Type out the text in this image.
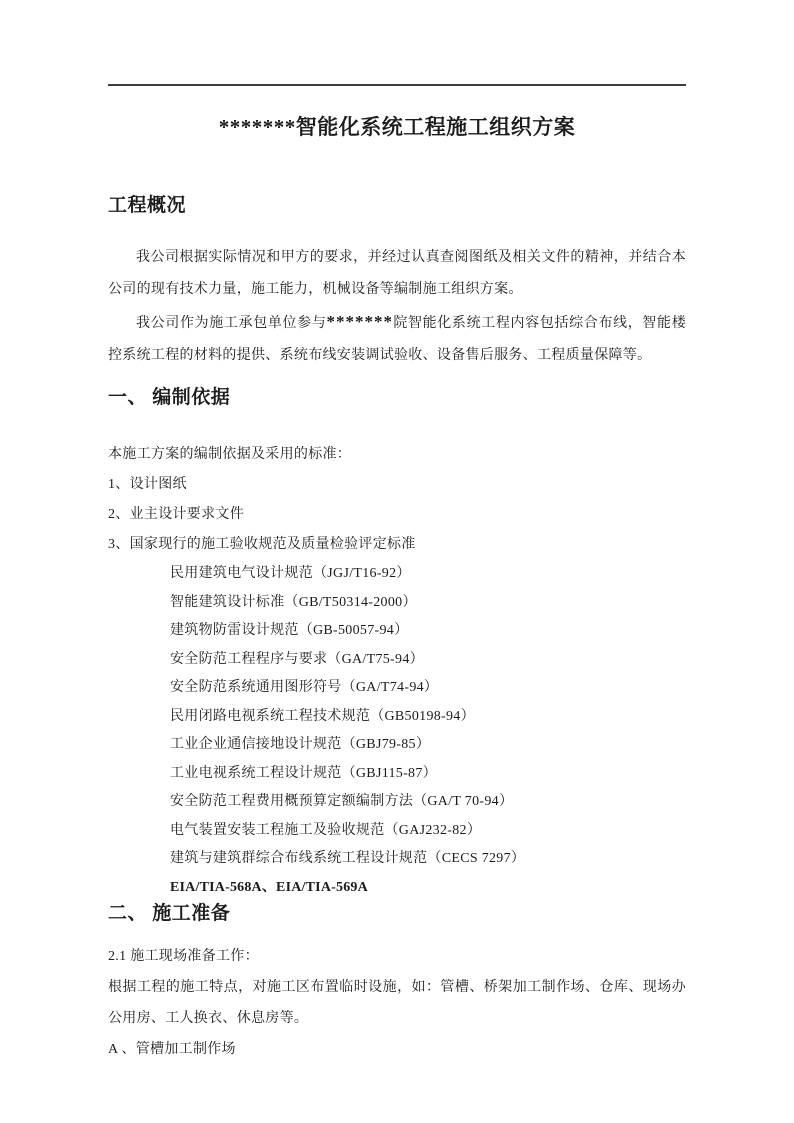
*******智能化系统工程施工组织方案
工程概况

我公司根据实际情况和甲方的要求，并经过认真查阅图纸及相关文件的精神，并结合本公司的现有技术力量，施工能力，机械设备等编制施工组织方案。

我公司作为施工承包单位参与*******院智能化系统工程内容包括综合布线，智能楼控系统工程的材料的提供、系统布线安装调试验收、设备售后服务、工程质量保障等。

一、 编制依据
本施工方案的编制依据及采用的标准：
1、设计图纸
2、业主设计要求文件
3、国家现行的施工验收规范及质量检验评定标准
民用建筑电气设计规范（JGJ/T16-92）
智能建筑设计标准（GB/T50314-2000）
建筑物防雷设计规范（GB-50057-94）
安全防范工程程序与要求（GA/T75-94）
安全防范系统通用图形符号（GA/T74-94）
民用闭路电视系统工程技术规范（GB50198-94）
工业企业通信接地设计规范（GBJ79-85）
工业电视系统工程设计规范（GBJ115-87）
安全防范工程费用概预算定额编制方法（GA/T 70-94）
电气装置安装工程施工及验收规范（GAJ232-82）
建筑与建筑群综合布线系统工程设计规范（CECS 7297）
EIA/TIA-568A、EIA/TIA-569A
二、 施工准备
2.1 施工现场准备工作：

根据工程的施工特点，对施工区布置临时设施，如：管槽、桥架加工制作场、仓库、现场办公用房、工人换衣、休息房等。

A 、管槽加工制作场
